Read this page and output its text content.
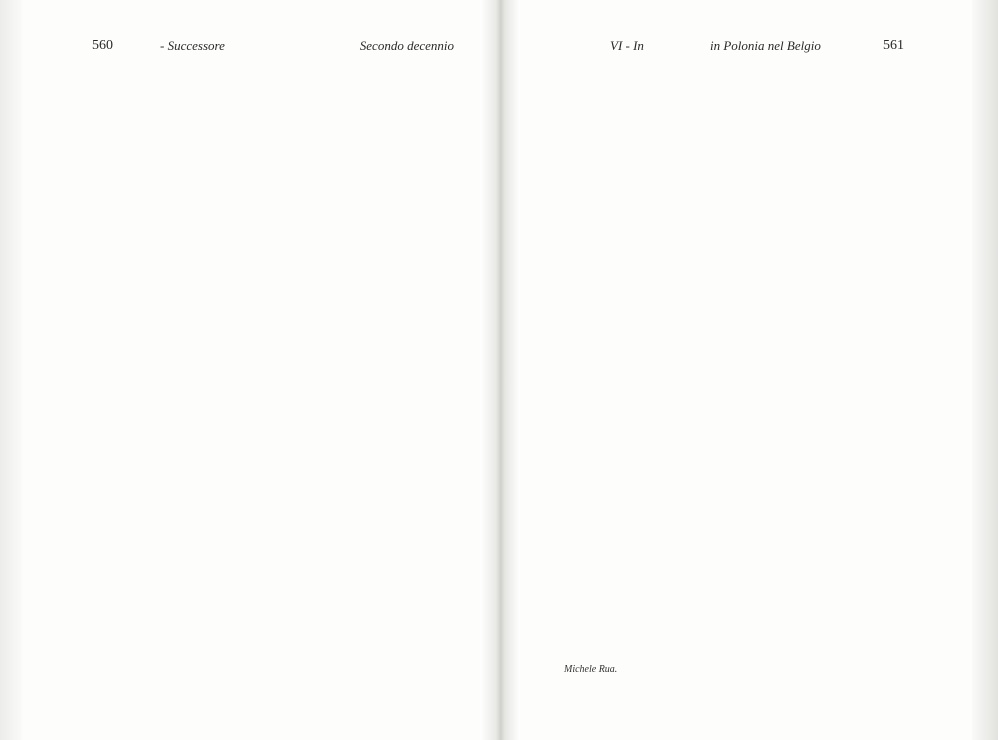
560	- Successore	Secondo decennio	VI - In	in Polonia nel Belgio	561

Michele Rua.
